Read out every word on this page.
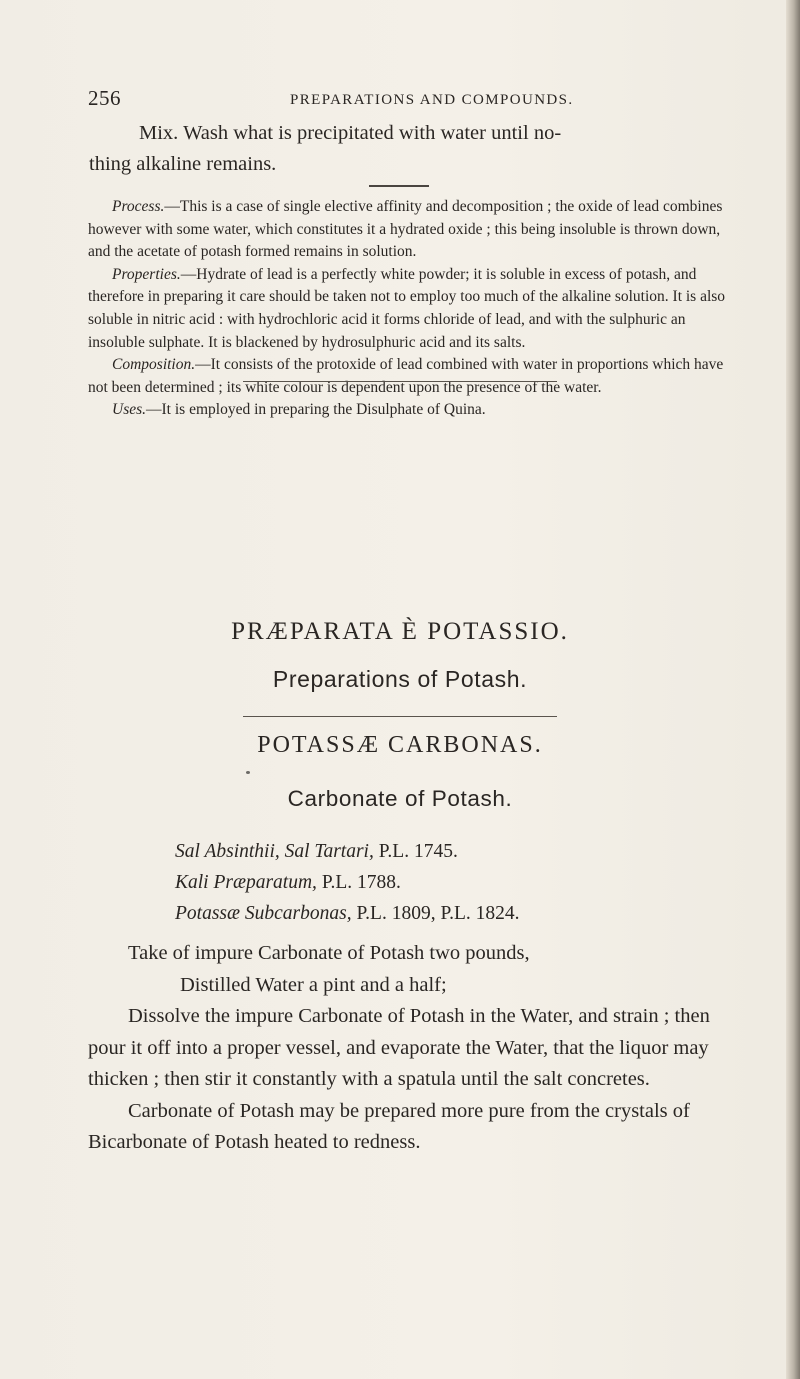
256	PREPARATIONS AND COMPOUNDS.

Mix. Wash what is precipitated with water until no-
thing alkaline remains.

Process.—This is a case of single elective affinity and decomposition ; the oxide of lead combines however with some water, which constitutes it a hydrated oxide ; this being insoluble is thrown down, and the acetate of potash formed remains in solution.

Properties.—Hydrate of lead is a perfectly white powder; it is soluble in excess of potash, and therefore in preparing it care should be taken not to employ too much of the alkaline solution. It is also soluble in nitric acid : with hydrochloric acid it forms chloride of lead, and with the sulphuric an insoluble sulphate. It is blackened by hydrosulphuric acid and its salts.

Composition.—It consists of the protoxide of lead combined with water in proportions which have not been determined ; its white colour is dependent upon the presence of the water.

Uses.—It is employed in preparing the Disulphate of Quina.

PRÆPARATA È POTASSIO.
Preparations of Potash.
POTASSÆ CARBONAS.
Carbonate of Potash.
Sal Absinthii, Sal Tartari, P.L. 1745.
Kali Præparatum, P.L. 1788.
Potassæ Subcarbonas, P.L. 1809, P.L. 1824.

Take of impure Carbonate of Potash two pounds,

Distilled Water a pint and a half;

Dissolve the impure Carbonate of Potash in the Water, and strain ; then pour it off into a proper vessel, and evaporate the Water, that the liquor may thicken ; then stir it constantly with a spatula until the salt concretes.

Carbonate of Potash may be prepared more pure from the crystals of Bicarbonate of Potash heated to redness.
